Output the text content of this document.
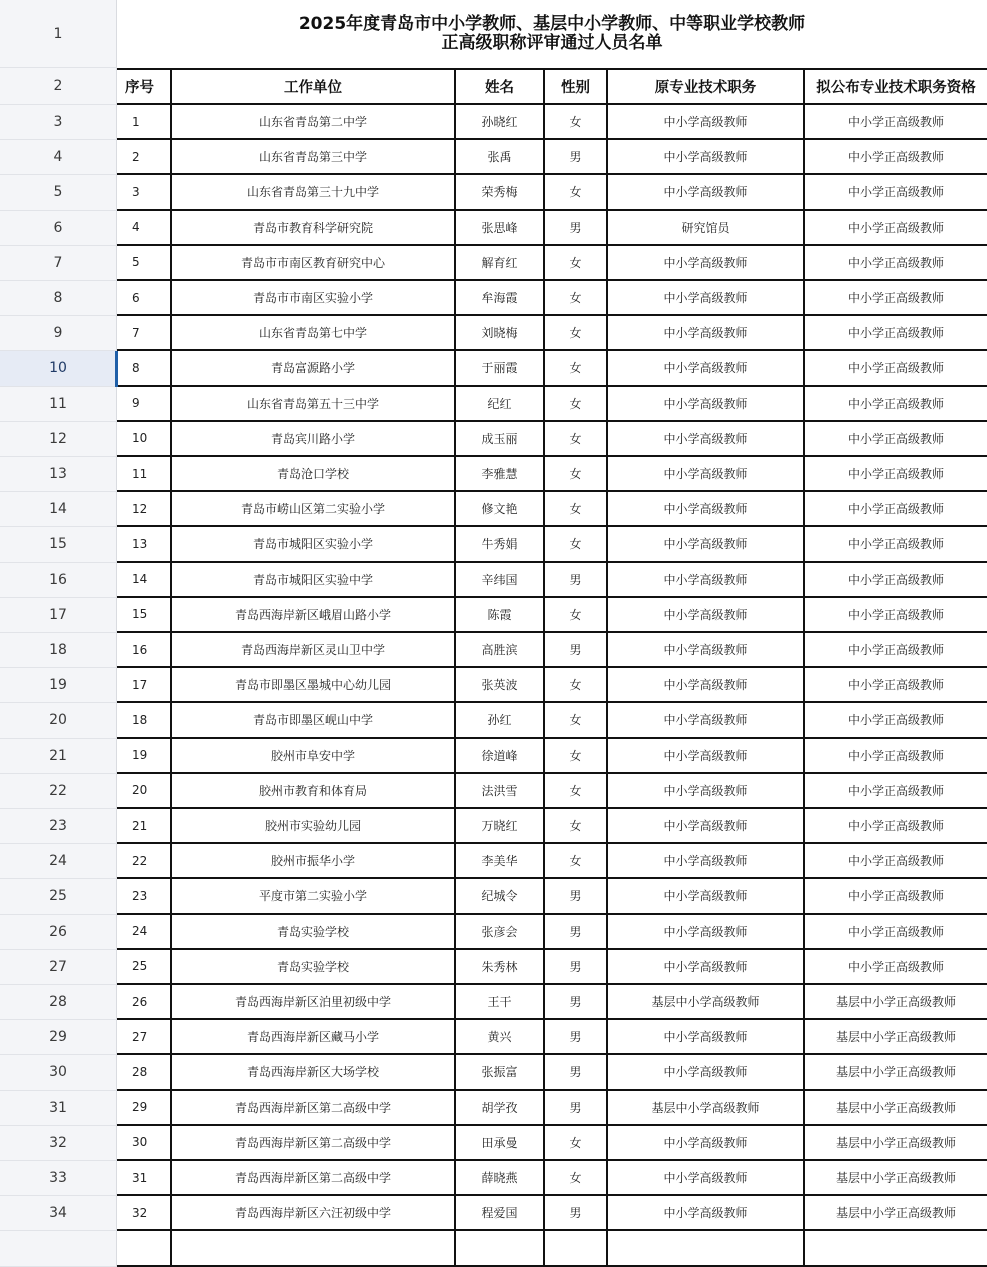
1	2025年度青岛市中小学教师、基层中小学教师、中等职业学校教师
正高级职称评审通过人员名单
2	序号	工作单位	姓名	性别	原专业技术职务	拟公布专业技术职务资格
3	1	山东省青岛第二中学	孙晓红	女	中小学高级教师	中小学正高级教师
4	2	山东省青岛第三中学	张禹	男	中小学高级教师	中小学正高级教师
5	3	山东省青岛第三十九中学	荣秀梅	女	中小学高级教师	中小学正高级教师
6	4	青岛市教育科学研究院	张思峰	男	研究馆员	中小学正高级教师
7	5	青岛市市南区教育研究中心	解育红	女	中小学高级教师	中小学正高级教师
8	6	青岛市市南区实验小学	牟海霞	女	中小学高级教师	中小学正高级教师
9	7	山东省青岛第七中学	刘晓梅	女	中小学高级教师	中小学正高级教师
10	8	青岛富源路小学	于丽霞	女	中小学高级教师	中小学正高级教师
11	9	山东省青岛第五十三中学	纪红	女	中小学高级教师	中小学正高级教师
12	10	青岛宾川路小学	成玉丽	女	中小学高级教师	中小学正高级教师
13	11	青岛沧口学校	李雅慧	女	中小学高级教师	中小学正高级教师
14	12	青岛市崂山区第二实验小学	修文艳	女	中小学高级教师	中小学正高级教师
15	13	青岛市城阳区实验小学	牛秀娟	女	中小学高级教师	中小学正高级教师
16	14	青岛市城阳区实验中学	辛纬国	男	中小学高级教师	中小学正高级教师
17	15	青岛西海岸新区峨眉山路小学	陈霞	女	中小学高级教师	中小学正高级教师
18	16	青岛西海岸新区灵山卫中学	高胜滨	男	中小学高级教师	中小学正高级教师
19	17	青岛市即墨区墨城中心幼儿园	张英波	女	中小学高级教师	中小学正高级教师
20	18	青岛市即墨区岘山中学	孙红	女	中小学高级教师	中小学正高级教师
21	19	胶州市阜安中学	徐道峰	女	中小学高级教师	中小学正高级教师
22	20	胶州市教育和体育局	法洪雪	女	中小学高级教师	中小学正高级教师
23	21	胶州市实验幼儿园	万晓红	女	中小学高级教师	中小学正高级教师
24	22	胶州市振华小学	李美华	女	中小学高级教师	中小学正高级教师
25	23	平度市第二实验小学	纪城令	男	中小学高级教师	中小学正高级教师
26	24	青岛实验学校	张彦会	男	中小学高级教师	中小学正高级教师
27	25	青岛实验学校	朱秀林	男	中小学高级教师	中小学正高级教师
28	26	青岛西海岸新区泊里初级中学	王干	男	基层中小学高级教师	基层中小学正高级教师
29	27	青岛西海岸新区藏马小学	黄兴	男	中小学高级教师	基层中小学正高级教师
30	28	青岛西海岸新区大场学校	张振富	男	中小学高级教师	基层中小学正高级教师
31	29	青岛西海岸新区第二高级中学	胡学孜	男	基层中小学高级教师	基层中小学正高级教师
32	30	青岛西海岸新区第二高级中学	田承曼	女	中小学高级教师	基层中小学正高级教师
33	31	青岛西海岸新区第二高级中学	薛晓燕	女	中小学高级教师	基层中小学正高级教师
34	32	青岛西海岸新区六汪初级中学	程爱国	男	中小学高级教师	基层中小学正高级教师
